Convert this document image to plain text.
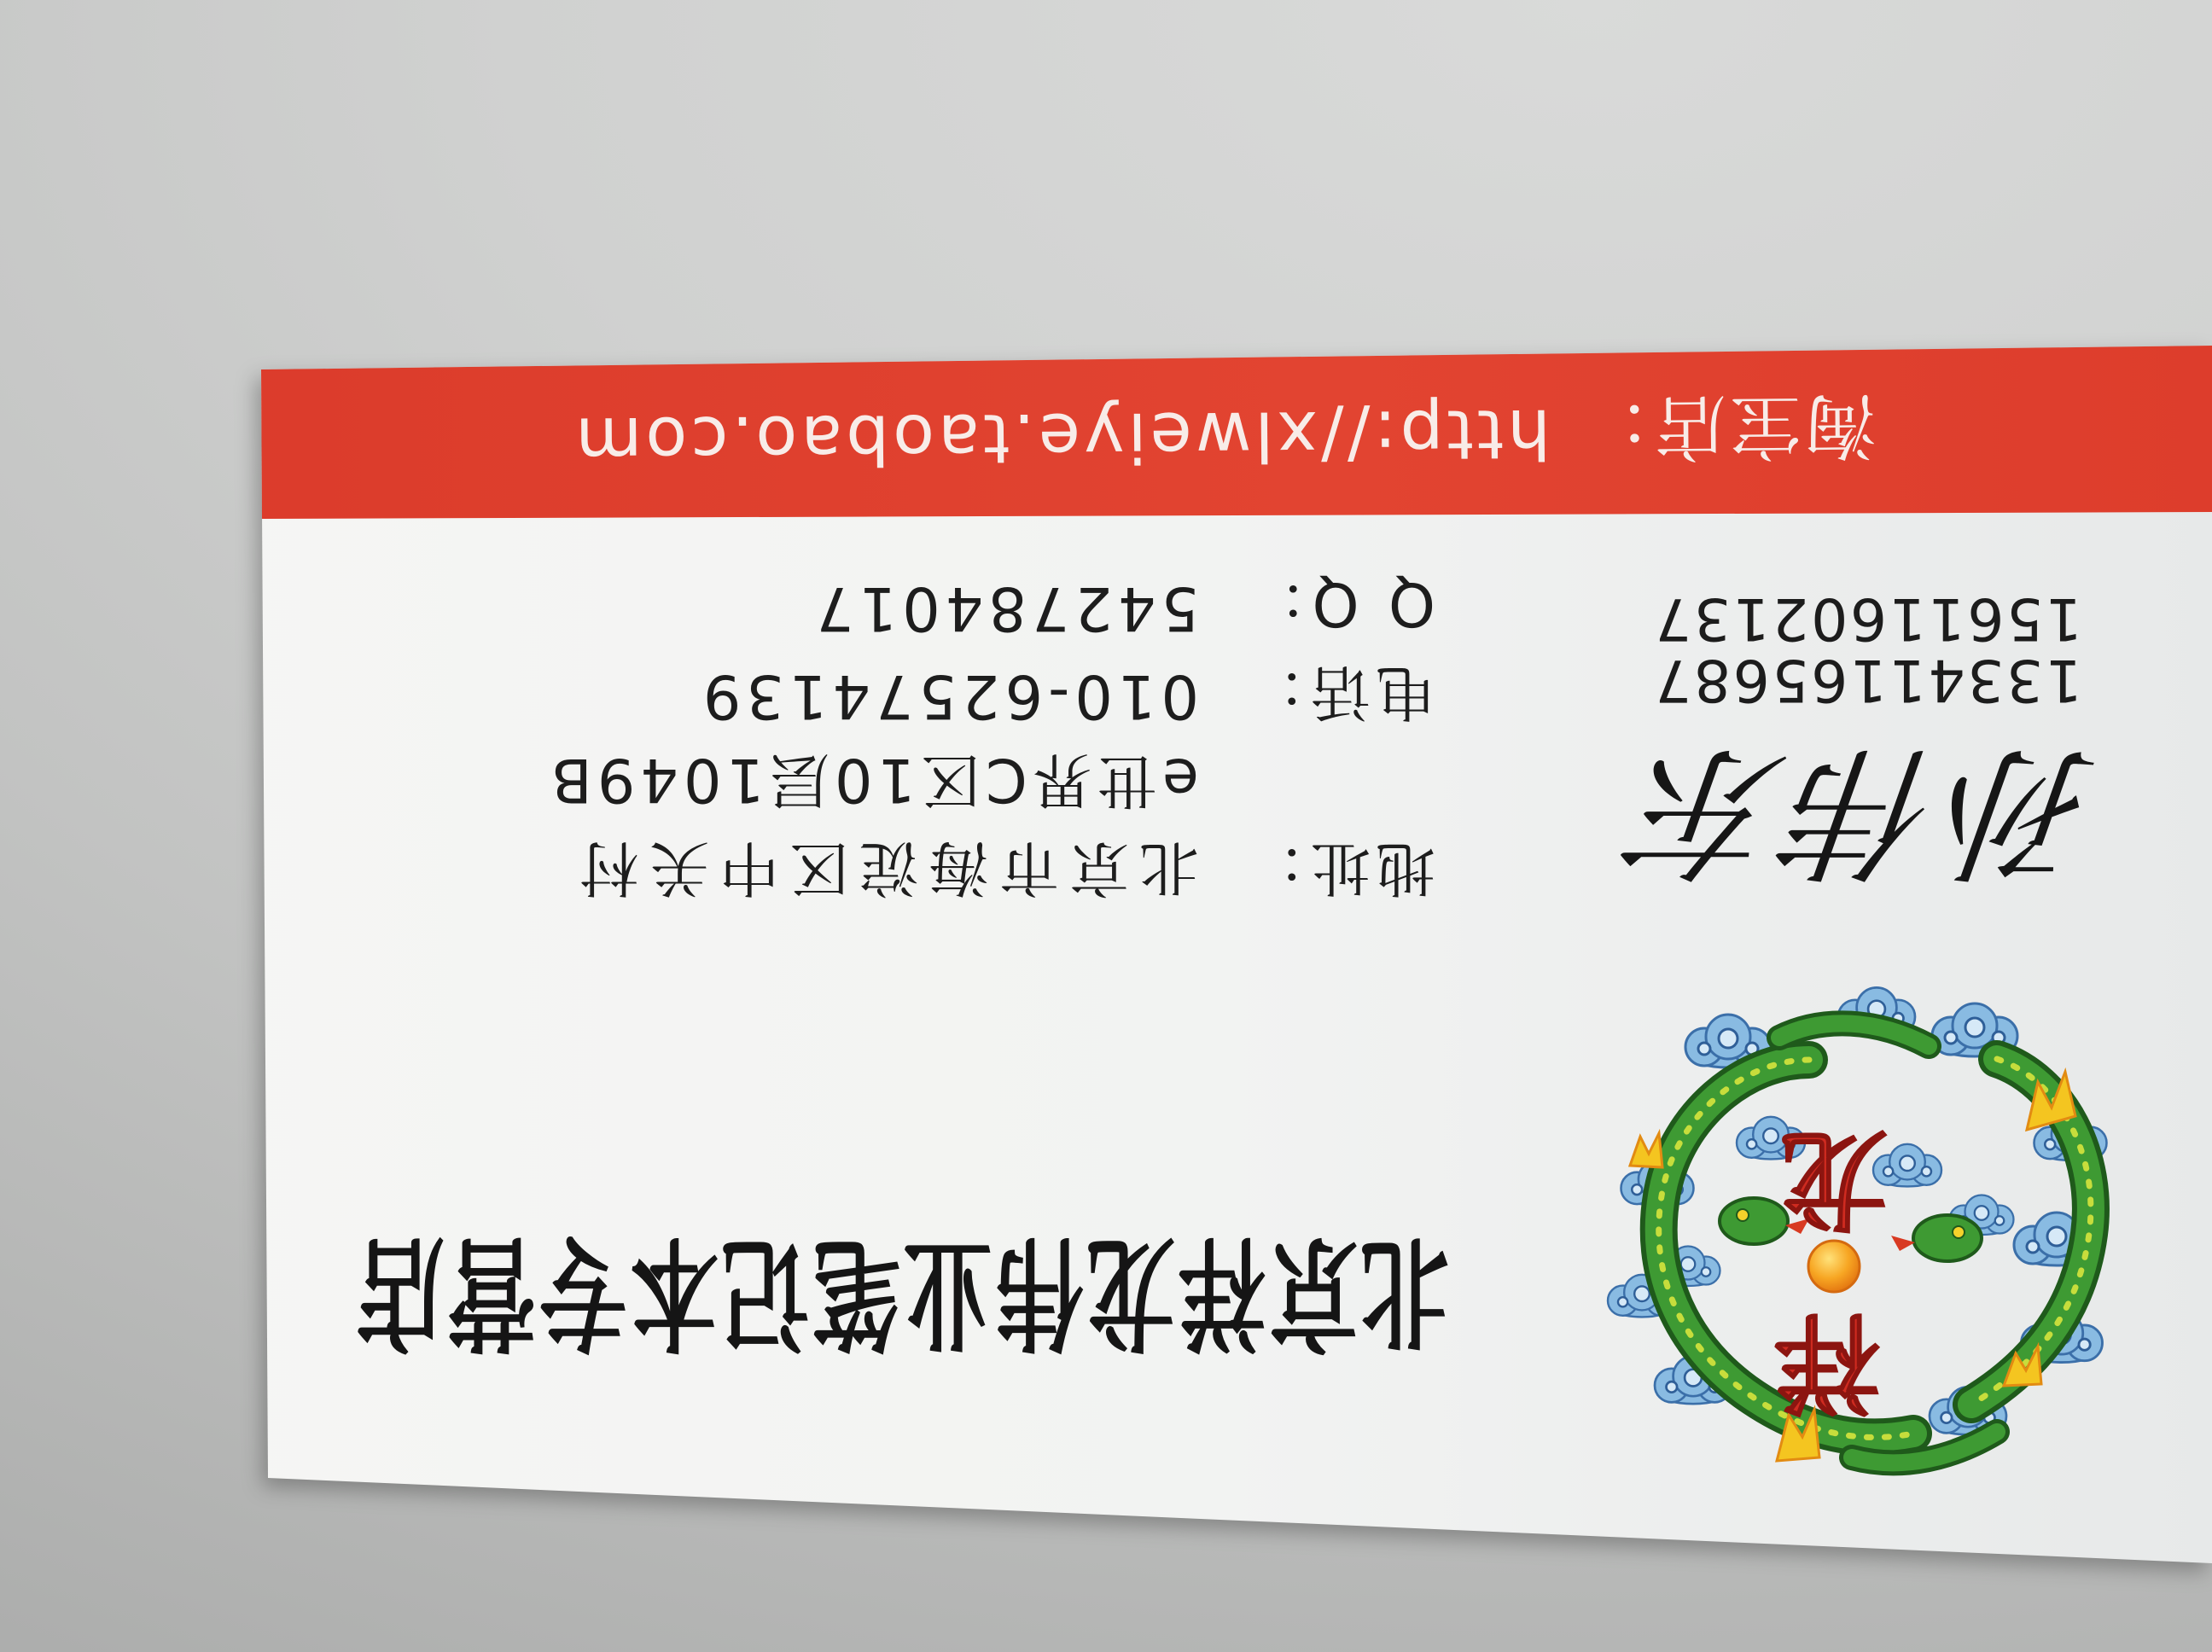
淘宝店：
http://xlweiye.taobao.com
孙伟东
13341165687
15611602137
地址：
北京市海淀区中关村
e世界C区10层1049B
电话：
010-62574139
Q Q：
542784017
北京祥龙伟业笔记本专营店
龙
祥
